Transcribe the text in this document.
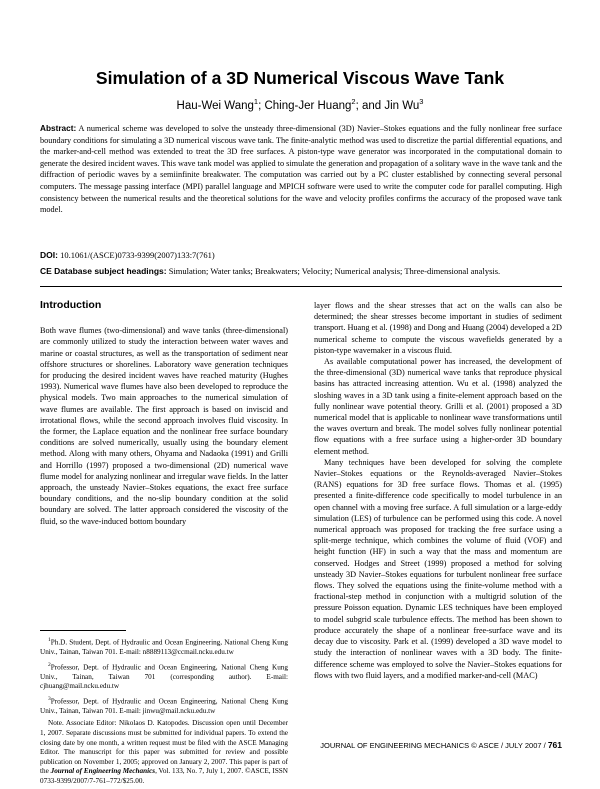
Simulation of a 3D Numerical Viscous Wave Tank
Hau-Wei Wang$^1$; Ching-Jer Huang$^2$; and Jin Wu$^3$
Abstract: A numerical scheme was developed to solve the unsteady three-dimensional (3D) Navier–Stokes equations and the fully nonlinear free surface boundary conditions for simulating a 3D numerical viscous wave tank. The finite-analytic method was used to discretize the partial differential equations, and the marker-and-cell method was extended to treat the 3D free surfaces. A piston-type wave generator was incorporated in the computational domain to generate the desired incident waves. This wave tank model was applied to simulate the generation and propagation of a solitary wave in the wave tank and the diffraction of periodic waves by a semiinfinite breakwater. The computation was carried out by a PC cluster established by connecting several personal computers. The message passing interface (MPI) parallel language and MPICH software were used to write the computer code for parallel computing. High consistency between the numerical results and the theoretical solutions for the wave and velocity profiles confirms the accuracy of the proposed wave tank model.
DOI: 10.1061/(ASCE)0733-9399(2007)133:7(761)
CE Database subject headings: Simulation; Water tanks; Breakwaters; Velocity; Numerical analysis; Three-dimensional analysis.
Introduction

Both wave flumes (two-dimensional) and wave tanks (three-dimensional) are commonly utilized to study the interaction between water waves and marine or coastal structures, as well as the transportation of sediment near offshore structures or shorelines. Laboratory wave generation techniques for producing the desired incident waves have reached maturity (Hughes 1993). Numerical wave flumes have also been developed to reproduce the physical models. Two main approaches to the numerical simulation of wave flumes are available. The first approach is based on inviscid and irrotational flows, while the second approach involves fluid viscosity. In the former, the Laplace equation and the nonlinear free surface boundary conditions are solved numerically, usually using the boundary element method. Along with many others, Ohyama and Nadaoka (1991) and Grilli and Horrillo (1997) proposed a two-dimensional (2D) numerical wave flume model for analyzing nonlinear and irregular wave fields. In the latter approach, the unsteady Navier–Stokes equations, the exact free surface boundary conditions, and the no-slip boundary condition at the solid boundary are solved. The latter approach considered the viscosity of the fluid, so the wave-induced bottom boundary

layer flows and the shear stresses that act on the walls can also be determined; the shear stresses become important in studies of sediment transport. Huang et al. (1998) and Dong and Huang (2004) developed a 2D numerical scheme to compute the viscous wavefields generated by a piston-type wavemaker in a viscous fluid.

As available computational power has increased, the development of the three-dimensional (3D) numerical wave tanks that reproduce physical basins has attracted increasing attention. Wu et al. (1998) analyzed the sloshing waves in a 3D tank using a finite-element approach based on the fully nonlinear wave potential theory. Grilli et al. (2001) proposed a 3D numerical model that is applicable to nonlinear wave transformations until the waves overturn and break. The model solves fully nonlinear potential flow equations with a free surface using a higher-order 3D boundary element method.

Many techniques have been developed for solving the complete Navier–Stokes equations or the Reynolds-averaged Navier–Stokes (RANS) equations for 3D free surface flows. Thomas et al. (1995) presented a finite-difference code specifically to model turbulence in an open channel with a moving free surface. A full simulation or a large-eddy simulation (LES) of turbulence can be performed using this code. A novel numerical approach was proposed for tracking the free surface using a split-merge technique, which combines the volume of fluid (VOF) and height function (HF) in such a way that the mass and momentum are conserved. Hodges and Street (1999) proposed a method for solving unsteady 3D Navier–Stokes equations for turbulent nonlinear free surface flows. They solved the equations using the finite-volume method with a fractional-step method in conjunction with a multigrid solution of the pressure Poisson equation. Dynamic LES techniques have been employed to model subgrid scale turbulence effects. The method has been shown to produce accurately the shape of a nonlinear free-surface wave and its decay due to viscosity. Park et al. (1999) developed a 3D wave model to study the interaction of nonlinear waves with a 3D body. The finite-difference scheme was employed to solve the Navier–Stokes equations for flows with two fluid layers, and a modified marker-and-cell (MAC)

$^1$Ph.D. Student, Dept. of Hydraulic and Ocean Engineering, National Cheng Kung Univ., Tainan, Taiwan 701. E-mail: n8889113@ccmail.ncku.edu.tw

$^2$Professor, Dept. of Hydraulic and Ocean Engineering, National Cheng Kung Univ., Tainan, Taiwan 701 (corresponding author). E-mail: cjhuang@mail.ncku.edu.tw

$^3$Professor, Dept. of Hydraulic and Ocean Engineering, National Cheng Kung Univ., Tainan, Taiwan 701. E-mail: jinwu@mail.ncku.edu.tw

Note. Associate Editor: Nikolaos D. Katopodes. Discussion open until December 1, 2007. Separate discussions must be submitted for individual papers. To extend the closing date by one month, a written request must be filed with the ASCE Managing Editor. The manuscript for this paper was submitted for review and possible publication on November 1, 2005; approved on January 2, 2007. This paper is part of the Journal of Engineering Mechanics, Vol. 133, No. 7, July 1, 2007. ©ASCE, ISSN 0733-9399/2007/7-761–772/$25.00.

JOURNAL OF ENGINEERING MECHANICS © ASCE / JULY 2007 / 761
